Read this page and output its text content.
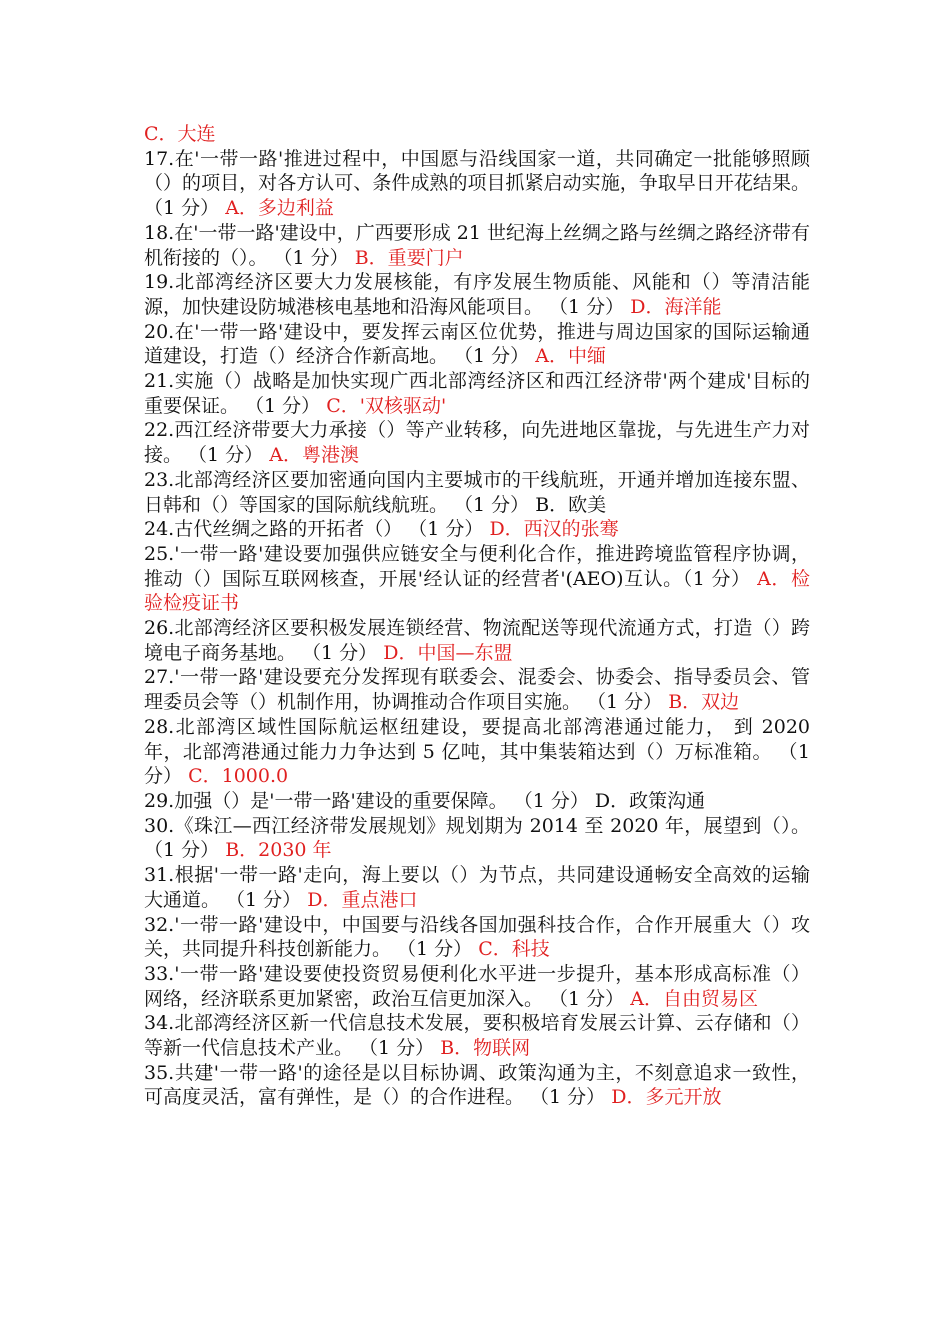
C．大连
17.在'一带一路'推进过程中，中国愿与沿线国家一道，共同确定一批能够照顾（）的项目，对各方认可、条件成熟的项目抓紧启动实施，争取早日开花结果。 （1 分） A．多边利益
18.在'一带一路'建设中，广西要形成 21 世纪海上丝绸之路与丝绸之路经济带有机衔接的（）。 （1 分） B．重要门户
19.北部湾经济区要大力发展核能，有序发展生物质能、风能和（）等清洁能源，加快建设防城港核电基地和沿海风能项目。 （1 分） D．海洋能
20.在'一带一路'建设中，要发挥云南区位优势，推进与周边国家的国际运输通道建设，打造（）经济合作新高地。 （1 分） A．中缅
21.实施（）战略是加快实现广西北部湾经济区和西江经济带'两个建成'目标的重要保证。 （1 分） C．'双核驱动'
22.西江经济带要大力承接（）等产业转移，向先进地区靠拢，与先进生产力对接。 （1 分） A．粤港澳
23.北部湾经济区要加密通向国内主要城市的干线航班，开通并增加连接东盟、日韩和（）等国家的国际航线航班。 （1 分） B．欧美
24.古代丝绸之路的开拓者（） （1 分） D．西汉的张骞
25.'一带一路'建设要加强供应链安全与便利化合作，推进跨境监管程序协调，推动（）国际互联网核查，开展'经认证的经营者'(AEO)互认。（1 分） A．检验检疫证书
26.北部湾经济区要积极发展连锁经营、物流配送等现代流通方式，打造（）跨境电子商务基地。 （1 分） D．中国—东盟
27.'一带一路'建设要充分发挥现有联委会、混委会、协委会、指导委员会、管理委员会等（）机制作用，协调推动合作项目实施。 （1 分） B．双边
28.北部湾区域性国际航运枢纽建设，要提高北部湾港通过能力， 到 2020 年，北部湾港通过能力力争达到 5 亿吨，其中集装箱达到（）万标准箱。 （1 分） C．1000.0
29.加强（）是'一带一路'建设的重要保障。 （1 分） D．政策沟通
30.《珠江—西江经济带发展规划》规划期为 2014 至 2020 年，展望到（）。 （1 分） B．2030 年
31.根据'一带一路'走向，海上要以（）为节点，共同建设通畅安全高效的运输大通道。 （1 分） D．重点港口
32.'一带一路'建设中，中国要与沿线各国加强科技合作，合作开展重大（）攻关，共同提升科技创新能力。 （1 分） C．科技
33.'一带一路'建设要使投资贸易便利化水平进一步提升，基本形成高标准（）网络，经济联系更加紧密，政治互信更加深入。 （1 分） A．自由贸易区
34.北部湾经济区新一代信息技术发展，要积极培育发展云计算、云存储和（）等新一代信息技术产业。 （1 分） B．物联网
35.共建'一带一路'的途径是以目标协调、政策沟通为主，不刻意追求一致性，可高度灵活，富有弹性，是（）的合作进程。 （1 分） D．多元开放
